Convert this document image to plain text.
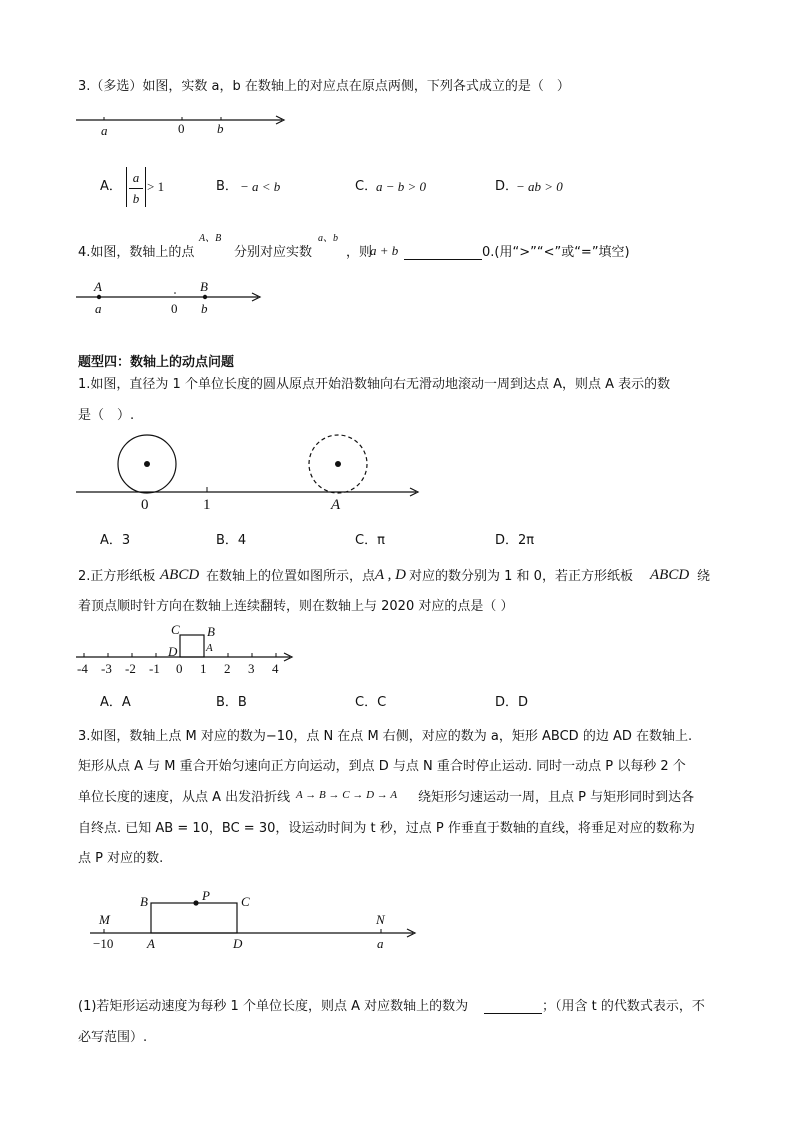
3.（多选）如图，实数 a，b 在数轴上的对应点在原点两侧，下列各式成立的是（　）
a	0	b
A．
a
b
> 1	B． − a < b	C．
a − b > 0	D．
− ab > 0
4.如图，数轴上的点
A、B
分别对应实数
a、b
，则
a + b	0.(用“>”“<”或“=”填空)
A	B
a	0 b
题型四：数轴上的动点问题
1.如图，直径为 1 个单位长度的圆从原点开始沿数轴向右无滑动地滚动一周到达点 A，则点 A 表示的数
是（　）.
0	1	A
A．3	B．4	C．π	D．2π
2.正方形纸板 ABCD 在数轴上的位置如图所示，点 A , D 对应的数分别为 1 和 0，若正方形纸板 ABCD 绕
着顶点顺时针方向在数轴上连续翻转，则在数轴上与 2020 对应的点是（ ）
-4 -3 -2 -1 0 1 2 3 4
C B
D	A
A．A	B．B	C．C	D．D
3.如图，数轴上点 M 对应的数为−10，点 N 在点 M 右侧，对应的数为 a，矩形 ABCD 的边 AD 在数轴上.
矩形从点 A 与 M 重合开始匀速向正方向运动，到点 D 与点 N 重合时停止运动. 同时一动点 P 以每秒 2 个
单位长度的速度，从点 A 出发沿折线 A → B → C → D → A 绕矩形匀速运动一周，且点 P 与矩形同时到达各
自终点. 已知 AB = 10，BC = 30，设运动时间为 t 秒，过点 P 作垂直于数轴的直线，将垂足对应的数称为
点 P 对应的数.
M	N
B	P C
−10	A	D	a
(1)若矩形运动速度为每秒 1 个单位长度，则点 A 对应数轴上的数为	；（用含 t 的代数式表示，不
必写范围）.
